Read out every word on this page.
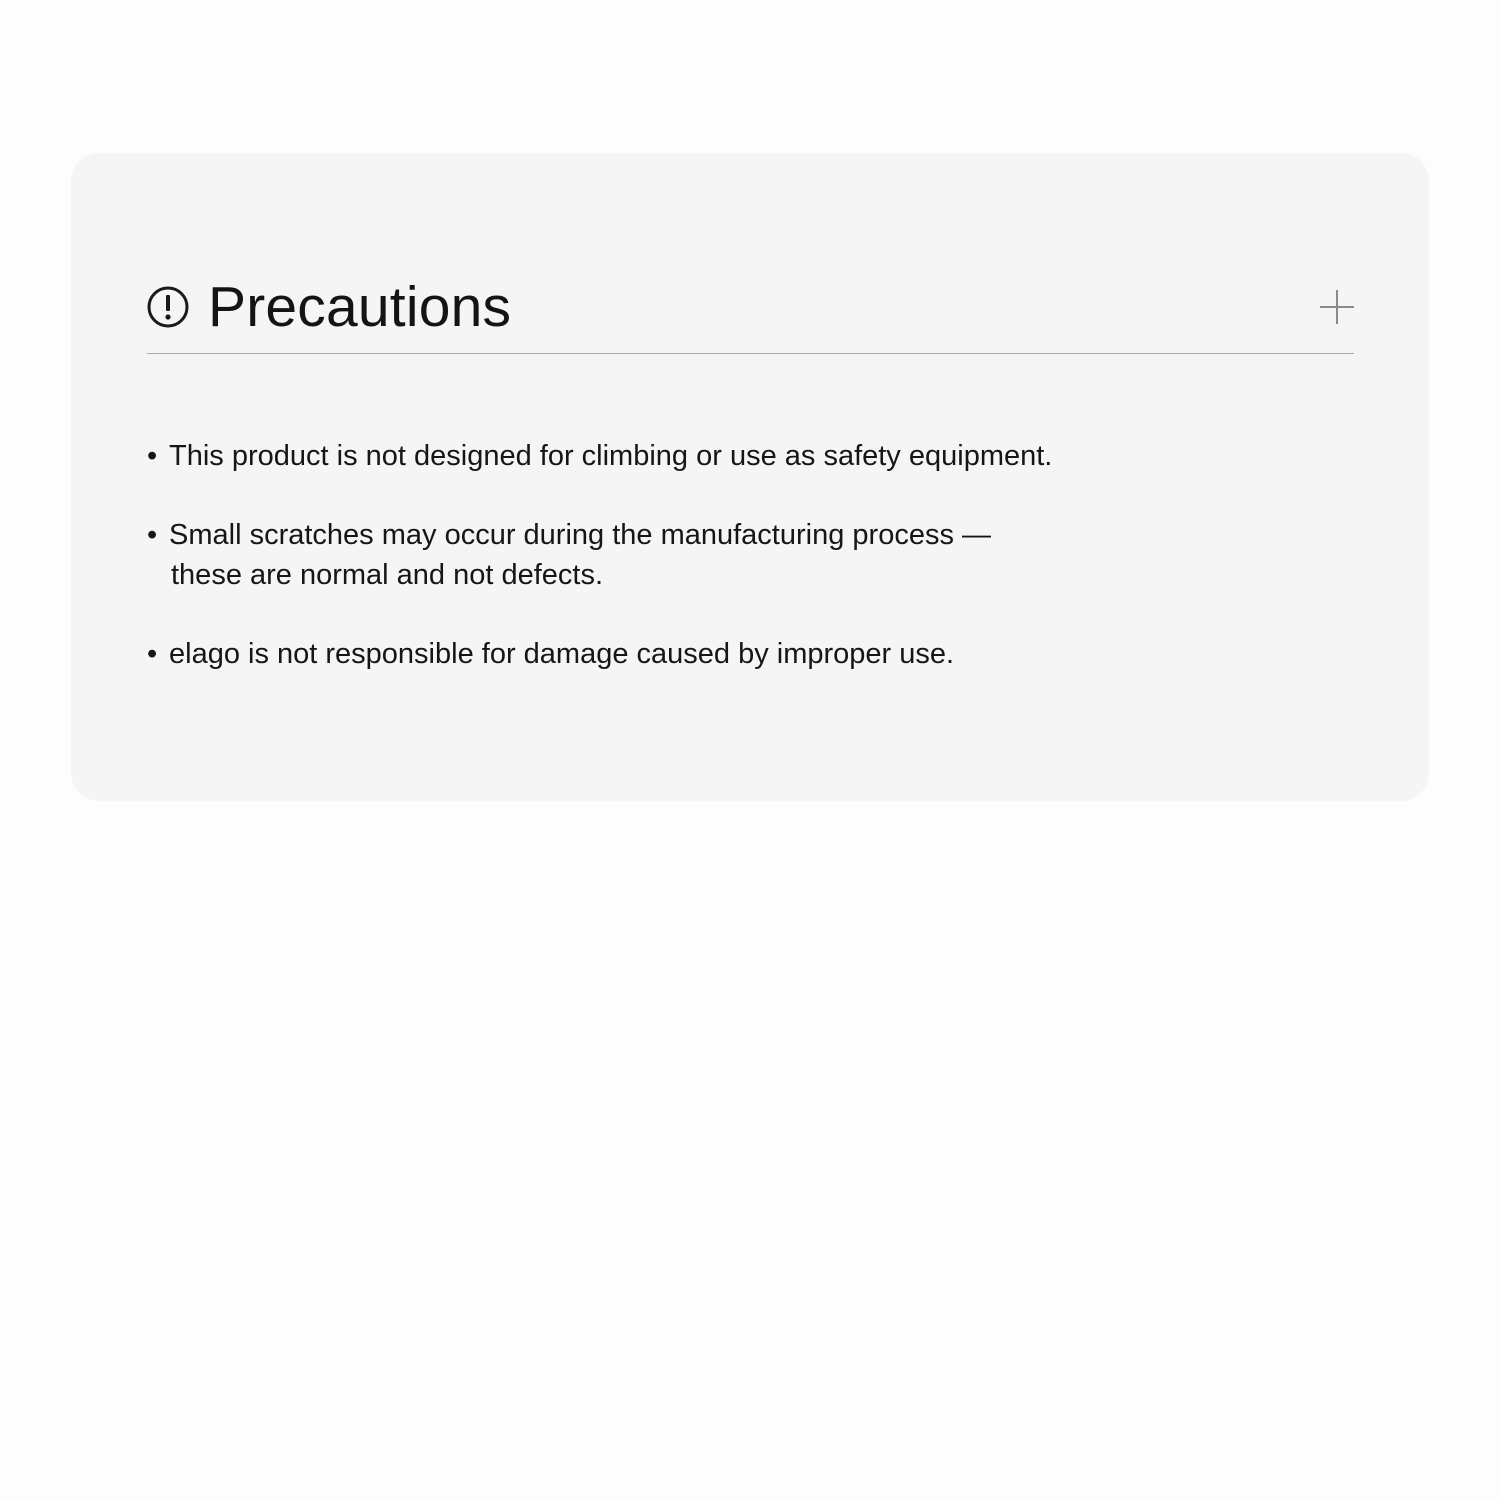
Precautions
• This product is not designed for climbing or use as safety equipment.
• Small scratches may occur during the manufacturing process —
these are normal and not defects.
• elago is not responsible for damage caused by improper use.
